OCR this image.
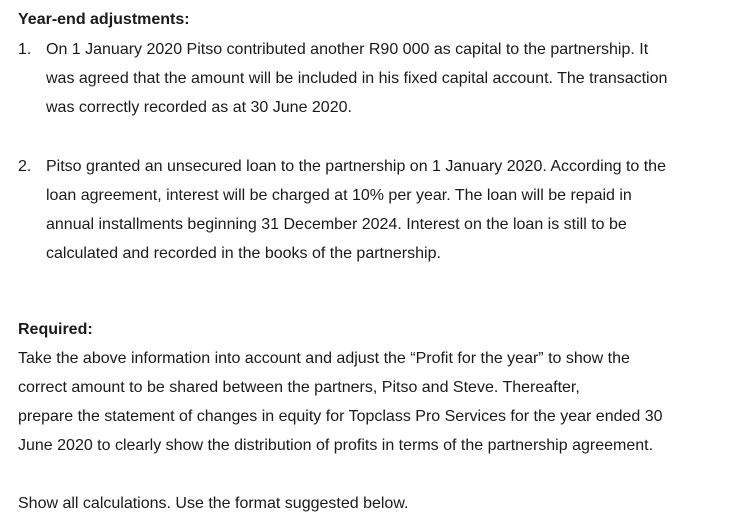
Year-end adjustments:
1. On 1 January 2020 Pitso contributed another R90 000 as capital to the partnership. It
was agreed that the amount will be included in his fixed capital account. The transaction
was correctly recorded as at 30 June 2020.
2. Pitso granted an unsecured loan to the partnership on 1 January 2020. According to the
loan agreement, interest will be charged at 10% per year. The loan will be repaid in
annual installments beginning 31 December 2024. Interest on the loan is still to be
calculated and recorded in the books of the partnership.
Required:
Take the above information into account and adjust the “Profit for the year” to show the
correct amount to be shared between the partners, Pitso and Steve. Thereafter,
prepare the statement of changes in equity for Topclass Pro Services for the year ended 30
June 2020 to clearly show the distribution of profits in terms of the partnership agreement.
Show all calculations. Use the format suggested below.
